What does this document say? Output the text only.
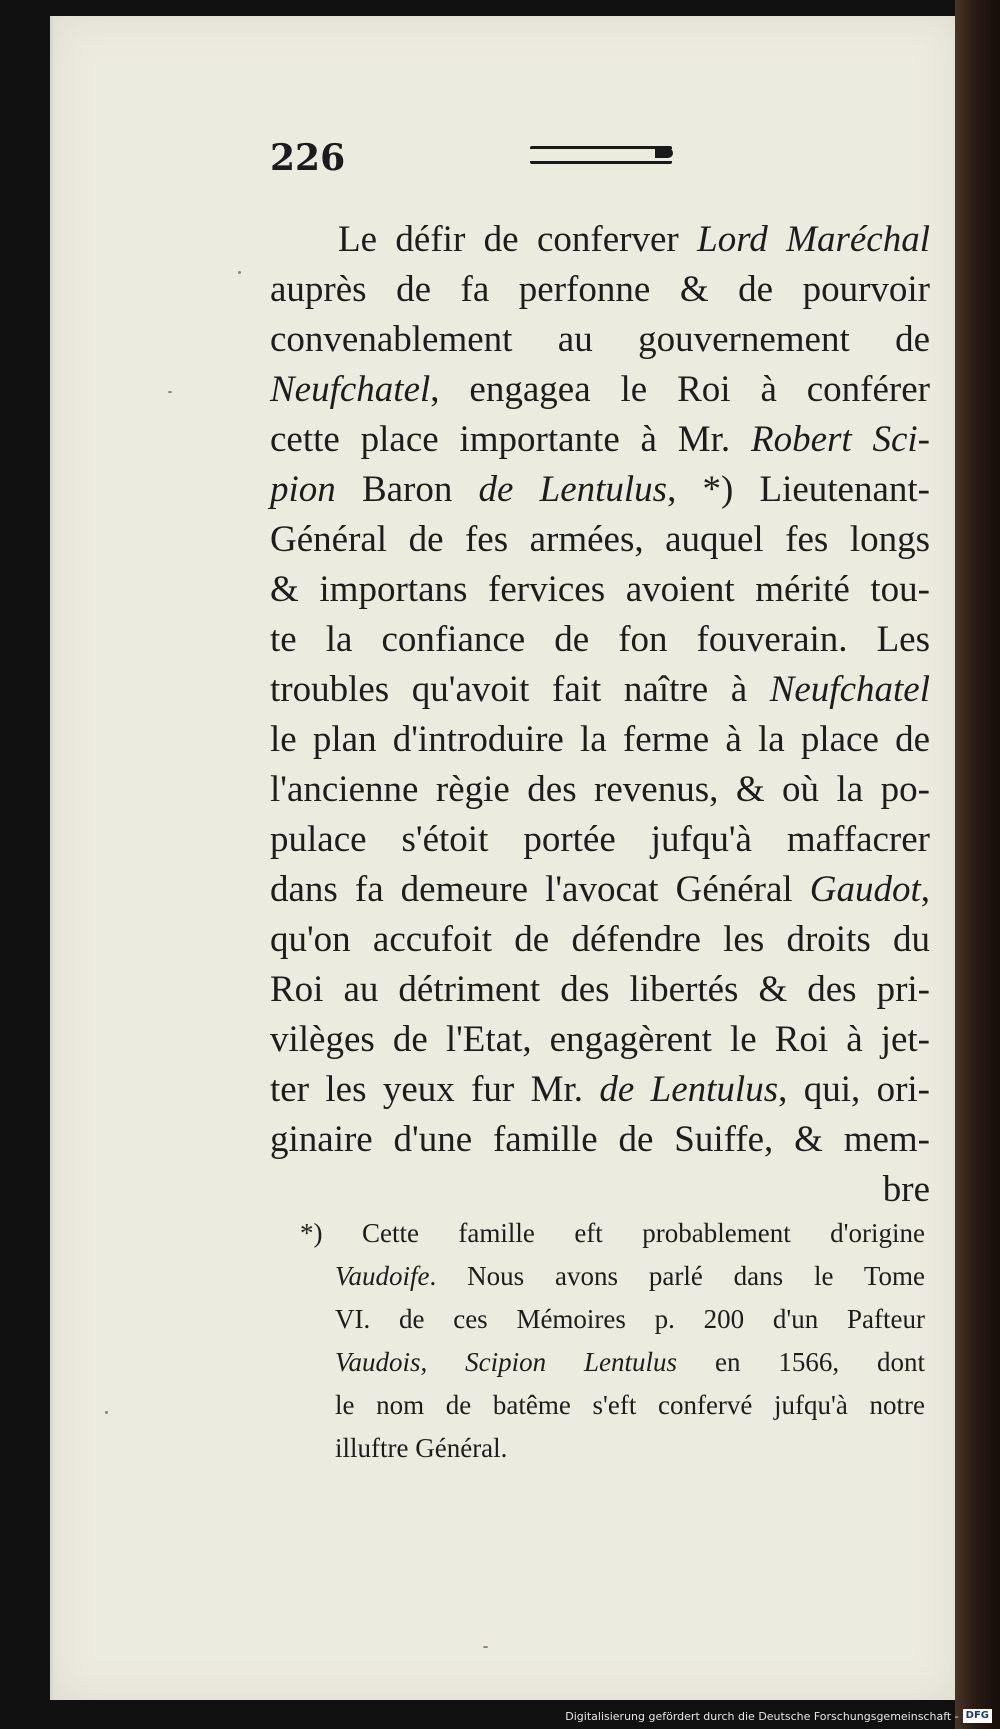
226
Le défir de conferver Lord Maréchal
auprès de fa perfonne & de pourvoir
convenablement au gouvernement de
Neufchatel, engagea le Roi à conférer
cette place importante à Mr. Robert Sci-
pion Baron de Lentulus, *) Lieutenant-
Général de fes armées, auquel fes longs
& importans fervices avoient mérité tou-
te la confiance de fon fouverain. Les
troubles qu'avoit fait naître à Neufchatel
le plan d'introduire la ferme à la place de
l'ancienne règie des revenus, & où la po-
pulace s'étoit portée jufqu'à maffacrer
dans fa demeure l'avocat Général Gaudot,
qu'on accufoit de défendre les droits du
Roi au détriment des libertés & des pri-
vilèges de l'Etat, engagèrent le Roi à jet-
ter les yeux fur Mr. de Lentulus, qui, ori-
ginaire d'une famille de Suiffe, & mem-
bre
*) Cette famille eft probablement d'origine
Vaudoife. Nous avons parlé dans le Tome
VI. de ces Mémoires p. 200 d'un Pafteur
Vaudois, Scipion Lentulus en 1566, dont
le nom de batême s'eft confervé jufqu'à notre
illuftre Général.
Digitalisierung gefördert durch die Deutsche Forschungsgemeinschaft - DFG
